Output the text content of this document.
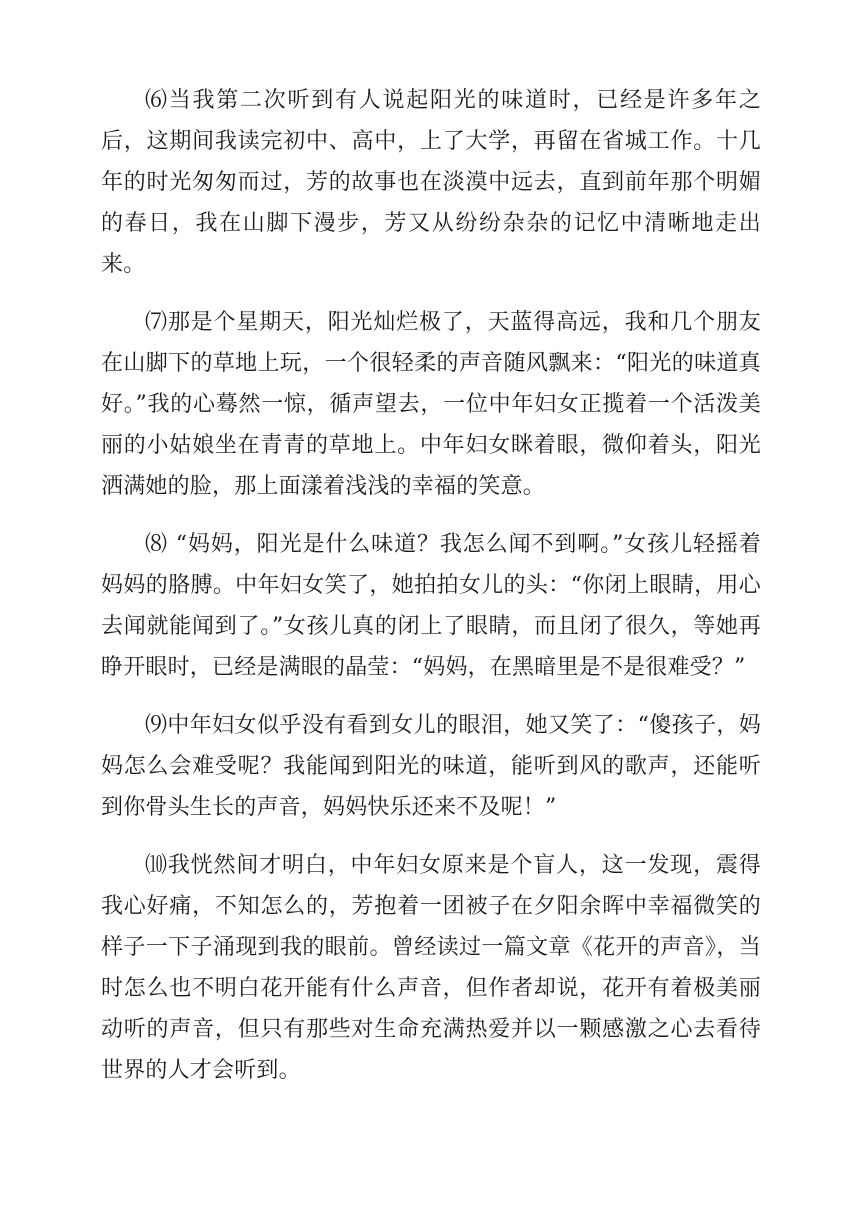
⑹当我第二次听到有人说起阳光的味道时，已经是许多年之后，这期间我读完初中、高中，上了大学，再留在省城工作。十几年的时光匆匆而过，芳的故事也在淡漠中远去，直到前年那个明媚的春日，我在山脚下漫步，芳又从纷纷杂杂的记忆中清晰地走出来。

⑺那是个星期天，阳光灿烂极了，天蓝得高远，我和几个朋友在山脚下的草地上玩，一个很轻柔的声音随风飘来：“阳光的味道真好。”我的心蓦然一惊，循声望去，一位中年妇女正揽着一个活泼美丽的小姑娘坐在青青的草地上。中年妇女眯着眼，微仰着头，阳光洒满她的脸，那上面漾着浅浅的幸福的笑意。

⑻ “妈妈，阳光是什么味道？我怎么闻不到啊。”女孩儿轻摇着妈妈的胳膊。中年妇女笑了，她拍拍女儿的头：“你闭上眼睛，用心去闻就能闻到了。”女孩儿真的闭上了眼睛，而且闭了很久，等她再睁开眼时，已经是满眼的晶莹：“妈妈，在黑暗里是不是很难受？”

⑼中年妇女似乎没有看到女儿的眼泪，她又笑了：“傻孩子，妈妈怎么会难受呢？我能闻到阳光的味道，能听到风的歌声，还能听到你骨头生长的声音，妈妈快乐还来不及呢！”

⑽我恍然间才明白，中年妇女原来是个盲人，这一发现，震得我心好痛，不知怎么的，芳抱着一团被子在夕阳余晖中幸福微笑的样子一下子涌现到我的眼前。曾经读过一篇文章《花开的声音》，当时怎么也不明白花开能有什么声音，但作者却说，花开有着极美丽动听的声音，但只有那些对生命充满热爱并以一颗感激之心去看待世界的人才会听到。
